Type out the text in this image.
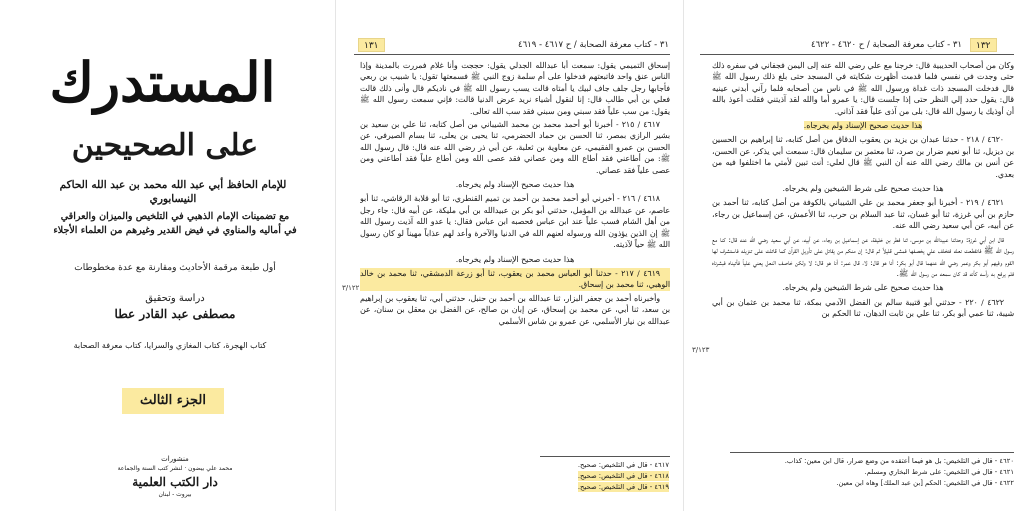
المستدرك
على الصحيحين
للإمام الحافظ أبي عبد الله محمد بن عبد الله الحاكم النيسابوري
مع تضمينات الإمام الذهبي في التلخيص والميزان والعراقي
في أماليه والمناوي في فيض القدير وغيرهم من العلماء الأجلاء
أول طبعة مرقمة الأحاديث ومقارنة مع عدة مخطوطات
دراسة وتحقيق
مصطفى عبد القادر عطا
كتاب الهجرة، كتاب المغازي والسرايا، كتاب معرفة الصحابة
الجزء الثالث
منشورات
محمد علي بيضون · لنشر كتب السنة والجماعة
دار الكتب العلمية
بيروت - لبنان
١٣١	٣١ - كتاب معرفة الصحابة / ح ٤٦١٧ - ٤٦١٩
٣/١٢٢

إسحاق التميمي يقول: سمعت أبا عبدالله الجدلي يقول: حججت وأنا غلام فمررت بالمدينة وإذا الناس عنق واحد فاتبعتهم فدخلوا على أم سلمة زوج النبي ﷺ فسمعتها تقول: يا شبيب بن ربعي فأجابها رجل جلف جاف لبيك يا أمتاه قالت يسب رسول الله ﷺ في ناديكم قال وأنى ذلك قالت فعلي بن أبي طالب قال: إنا لنقول أشياء نريد عرض الدنيا قالت: فإني سمعت رسول الله ﷺ يقول: من سب علياً فقد سبني ومن سبني فقد سب الله تعالى.

٤٦١٧ / ٢١٥ - أخبرنا أبو أحمد محمد بن محمد الشيباني من أصل كتابه، ثنا علي بن سعيد بن بشير الرازي بمصر، ثنا الحسن بن حماد الحضرمي، ثنا يحيى بن يعلى، ثنا بسام الصيرفي، عن الحسن بن عمرو الفقيمي، عن معاوية بن ثعلبة، عن أبي ذر رضي الله عنه قال: قال رسول الله ﷺ: من أطاعني فقد أطاع الله ومن عصاني فقد عصى الله ومن أطاع علياً فقد أطاعني ومن عصى علياً فقد عصاني.

هذا حديث صحيح الإسناد ولم يخرجاه.

٤٦١٨ / ٢١٦ - أخبرني أبو أحمد محمد بن أحمد بن تميم القنطري، ثنا أبو قلابة الرقاشي، ثنا أبو عاصم، عن عبدالله بن المؤمل، حدثني أبو بكر بن عبيدالله بن أبي مليكة، عن أبيه قال: جاء رجل من أهل الشام فسب علياً عند ابن عباس فحصبه ابن عباس فقال: يا عدو الله آذيت رسول الله ﷺ إن الذين يؤذون الله ورسوله لعنهم الله في الدنيا والآخرة وأعد لهم عذاباً مهيناً لو كان رسول الله ﷺ حياً لآذيته.

هذا حديث صحيح الإسناد ولم يخرجاه.

٤٦١٩ / ٢١٧ - حدثنا أبو العباس محمد بن يعقوب، ثنا أبو زرعة الدمشقي، ثنا محمد بن خالد الوهبي، ثنا محمد بن إسحاق.

وأخبرناه أحمد بن جعفر البزار، ثنا عبدالله بن أحمد بن حنبل، حدثني أبي، ثنا يعقوب بن إبراهيم بن سعد، ثنا أبي، عن محمد بن إسحاق، عن إبان بن صالح، عن الفضل بن معقل بن سنان، عن عبدالله بن نيار الأسلمي، عن عمرو بن شاس الأسلمي

٤٦١٧ - قال في التلخيص: صحيح.
٤٦١٨ - قال في التلخيص: صحيح.
٤٦١٩ - قال في التلخيص: صحيح.
١٣٢
٣١ - كتاب معرفة الصحابة / ح ٤٦٢٠ - ٤٦٢٢
٣/١٢٣

وكان من أصحاب الحديبية قال: خرجنا مع علي رضي الله عنه إلى اليمن فجفاني في سفره ذلك حتى وجدت في نفسي فلما قدمت أظهرت شكايته في المسجد حتى بلغ ذلك رسول الله ﷺ قال فدخلت المسجد ذات غداة ورسول الله ﷺ في ناس من أصحابه فلما رآني أبدني عينيه قال: يقول حدد إلي النظر حتى إذا جلست قال: يا عمرو أما والله لقد آذيتني فقلت أعوذ بالله أن أوذيك يا رسول الله قال: بلى من آذى علياً فقد آذاني.

هذا حديث صحيح الإسناد ولم يخرجاه.

٤٦٢٠ / ٢١٨ - حدثنا عبدان بن يزيد بن يعقوب الدقاق من أصل كتابه، ثنا إبراهيم بن الحسين بن ديزيل، ثنا أبو نعيم ضرار بن صرد، ثنا معتمر بن سليمان قال: سمعت أبي يذكر، عن الحسن، عن أنس بن مالك رضي الله عنه أن النبي ﷺ قال لعلي: أنت تبين لأمتي ما اختلفوا فيه من بعدي.

هذا حديث صحيح على شرط الشيخين ولم يخرجاه.

٤٦٢١ / ٢١٩ - أخبرنا أبو جعفر محمد بن علي الشيباني بالكوفة من أصل كتابه، ثنا أحمد بن حازم بن أبي غرزة، ثنا أبو غسان، ثنا عبد السلام بن حرب، ثنا الأعمش، عن إسماعيل بن رجاء، عن أبيه، عن أبي سعيد رضي الله عنه.

قال ابن أبي غرزة: وحدثنا عبيدالله بن موسى، ثنا فطر بن خليفة، عن إسماعيل بن رجاء، عن أبيه، عن أبي سعيد رضي الله عنه قال: كنا مع رسول الله ﷺ فانقطعت نعله فتخلف علي يخصفها فمشى قليلاً ثم قال: إن منكم من يقاتل على تأويل القرآن كما قاتلت على تنزيله فاستشرف لها القوم وفيهم أبو بكر وعمر رضي الله عنهما قال أبو بكر: أنا هو قال: لا، قال عمر: أنا هو قال: لا ولكن خاصف النعل يعني علياً فأتيناه فبشرناه فلم يرفع به رأسه كأنه قد كان سمعه من رسول الله ﷺ.

هذا حديث صحيح على شرط الشيخين ولم يخرجاه.

٤٦٢٢ / ٢٢٠ - حدثني أبو قتيبة سالم بن الفضل الآدمي بمكة، ثنا محمد بن عثمان بن أبي شيبة، ثنا عمي أبو بكر، ثنا علي بن ثابت الدهان، ثنا الحكم بن

٤٦٢٠ - قال في التلخيص: بل هو فيما أعتقده من وضع ضرار، قال ابن معين: كذاب.
٤٦٢١ - قال في التلخيص: على شرط البخاري ومسلم.
٤٦٢٢ - قال في التلخيص: الحكم [بن عبد الملك] وهاه ابن معين.
